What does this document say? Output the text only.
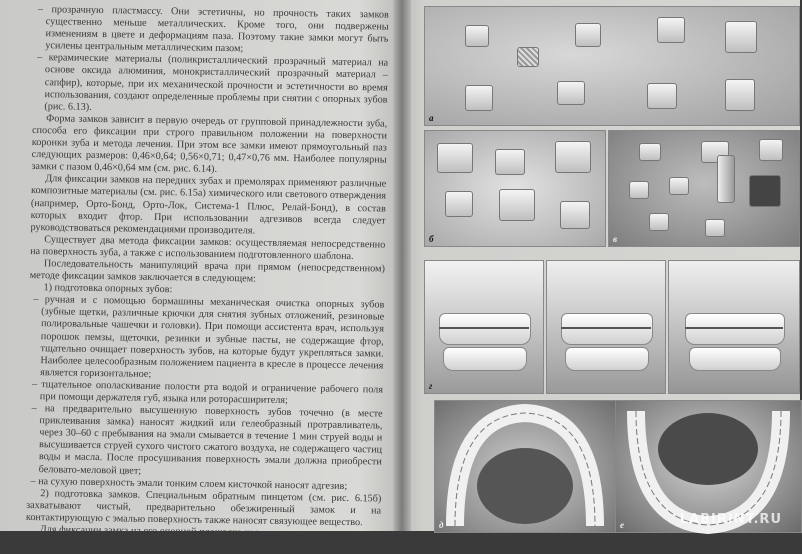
– прозрачную пластмассу. Они эстетичны, но прочность таких замков существенно меньше металлических. Кроме того, они подвержены изменениям в цвете и деформациям паза. Поэтому такие замки могут быть усилены центральным металлическим пазом;

– керамические материалы (поликристаллический прозрачный материал на основе оксида алюминия, монокристаллический прозрачный материал – сапфир), которые, при их механической прочности и эстетичности во время использования, создают определенные проблемы при снятии с опорных зубов (рис. 6.13).

Форма замков зависит в первую очередь от групповой принадлежности зуба, способа его фиксации при строго правильном положении на поверхности коронки зуба и метода лечения. При этом все замки имеют прямоугольный паз следующих размеров: 0,46×0,64; 0,56×0,71; 0,47×0,76 мм. Наиболее популярны замки с пазом 0,46×0,64 мм (см. рис. 6.14).

Для фиксации замков на передних зубах и премолярах применяют различные композитные материалы (см. рис. 6.15а) химического или светового отверждения (например, Орто-Бонд, Орто-Лок, Система-1 Плюс, Релай-Бонд), в состав которых входит фтор. При использовании адгезивов всегда следует руководствоваться рекомендациями производителя.

Существует два метода фиксации замков: осуществляемая непосредственно на поверхность зуба, а также с использованием подготовленного шаблона.

Последовательность манипуляций врача при прямом (непосредственном) методе фиксации замков заключается в следующем:

1) подготовка опорных зубов:

– ручная и с помощью бормашины механическая очистка опорных зубов (зубные щетки, различные крючки для снятия зубных отложений, резиновые полировальные чашечки и головки). При помощи ассистента врач, используя порошок пемзы, щеточки, резинки и зубные пасты, не содержащие фтор, тщательно очищает поверхность зубов, на которые будут укрепляться замки. Наиболее целесообразным положением пациента в кресле в процессе лечения является горизонтальное;

– тщательное ополаскивание полости рта водой и ограничение рабочего поля при помощи держателя губ, языка или роторасширителя;

– на предварительно высушенную поверхность зубов точечно (в месте приклеивания замка) наносят жидкий или гелеобразный протравливатель, через 30–60 с пребывания на эмали смывается в течение 1 мин струей воды и высушивается струей сухого чистого сжатого воздуха, не содержащего частиц воды и масла. После просушивания поверхность эмали должна приобрести беловато-меловой цвет;

– на сухую поверхность эмали тонким слоем кисточкой наносят адгезив;

2) подготовка замков. Специальным обратным пинцетом (см. рис. 6.15б) захватывают чистый, предварительно обезжиренный замок и на контактирующую с эмалью поверхность также наносят связующее вещество.

Для фиксации замка на его опорной площадке кроме ретенционных пунктов в виде бороздок или канавок может быть выполнено

а
б	в
г
д	е	LABIRINT.RU
